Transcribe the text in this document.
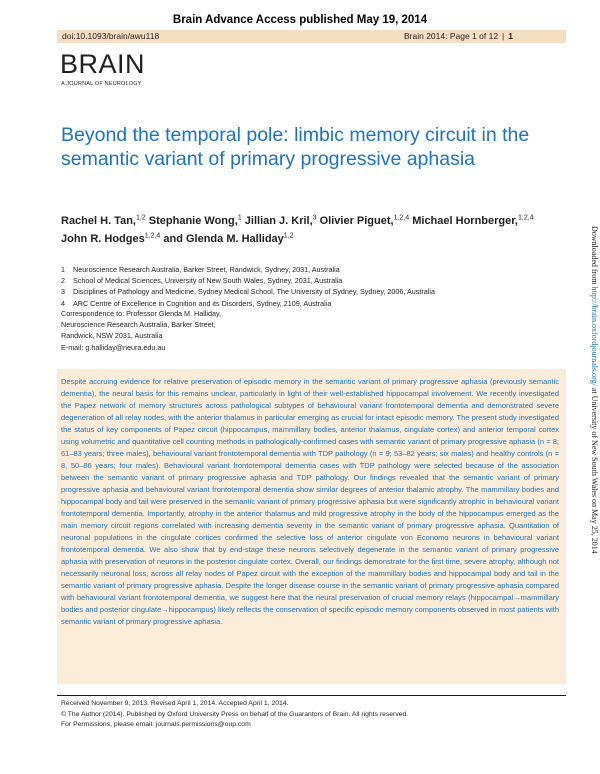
Brain Advance Access published May 19, 2014
doi:10.1093/brain/awu118	Brain 2014: Page 1 of 12 | 1
BRAIN
A JOURNAL OF NEUROLOGY
Beyond the temporal pole: limbic memory circuit in the semantic variant of primary progressive aphasia
Rachel H. Tan,$^{1,2}$ Stephanie Wong,$^1$ Jillian J. Kril,$^3$ Olivier Piguet,$^{1,2,4}$ Michael Hornberger,$^{1,2,4}$
John R. Hodges$^{1,2,4}$ and Glenda M. Halliday$^{1,2}$
1 Neuroscience Research Australia, Barker Street, Randwick, Sydney, 2031, Australia
2 School of Medical Sciences, University of New South Wales, Sydney, 2031, Australia
3 Disciplines of Pathology and Medicine, Sydney Medical School, The University of Sydney, Sydney, 2006, Australia
4 ARC Centre of Excellence in Cognition and its Disorders, Sydney, 2109, Australia
Correspondence to: Professor Glenda M. Halliday,
Neuroscience Research Australia, Barker Street,
Randwick, NSW 2031, Australia
E-mail: g.halliday@neura.edu.au
Despite accruing evidence for relative preservation of episodic memory in the semantic variant of primary progressive aphasia (previously semantic dementia), the neural basis for this remains unclear, particularly in light of their well-established hippocampal involvement. We recently investigated the Papez network of memory structures across pathological subtypes of behavioural variant frontotemporal dementia and demonstrated severe degeneration of all relay nodes, with the anterior thalamus in particular emerging as crucial for intact episodic memory. The present study investigated the status of key components of Papez circuit (hippocampus, mammillary bodies, anterior thalamus, cingulate cortex) and anterior temporal cortex using volumetric and quantitative cell counting methods in pathologically-confirmed cases with semantic variant of primary progressive aphasia (n = 8; 61–83 years; three males), behavioural variant frontotemporal dementia with TDP pathology (n = 9; 53–82 years; six males) and healthy controls (n = 8, 50–86 years; four males). Behavioural variant frontotemporal dementia cases with TDP pathology were selected because of the association between the semantic variant of primary progressive aphasia and TDP pathology. Our findings revealed that the semantic variant of primary progressive aphasia and behavioural variant frontotemporal dementia show similar degrees of anterior thalamic atrophy. The mammillary bodies and hippocampal body and tail were preserved in the semantic variant of primary progressive aphasia but were significantly atrophic in behavioural variant frontotemporal dementia. Importantly, atrophy in the anterior thalamus and mild progressive atrophy in the body of the hippocampus emerged as the main memory circuit regions correlated with increasing dementia severity in the semantic variant of primary progressive aphasia. Quantitation of neuronal populations in the cingulate cortices confirmed the selective loss of anterior cingulate von Economo neurons in behavioural variant frontotemporal dementia. We also show that by end-stage these neurons selectively degenerate in the semantic variant of primary progressive aphasia with preservation of neurons in the posterior cingulate cortex. Overall, our findings demonstrate for the first time, severe atrophy, although not necessarily neuronal loss, across all relay nodes of Papez circuit with the exception of the mammillary bodies and hippocampal body and tail in the semantic variant of primary progressive aphasia. Despite the longer disease course in the semantic variant of primary progressive aphasia compared with behavioural variant frontotemporal dementia, we suggest here that the neural preservation of crucial memory relays (hippocampal→mammillary bodies and posterior cingulate→hippocampus) likely reflects the conservation of specific episodic memory components observed in most patients with semantic variant of primary progressive aphasia.
Received November 9, 2013. Revised April 1, 2014. Accepted April 1, 2014.
© The Author (2014). Published by Oxford University Press on behalf of the Guarantors of Brain. All rights reserved.
For Permissions, please email: journals.permissions@oup.com
Downloaded from http://brain.oxfordjournals.org/ at University of New South Wales on May 25, 2014
